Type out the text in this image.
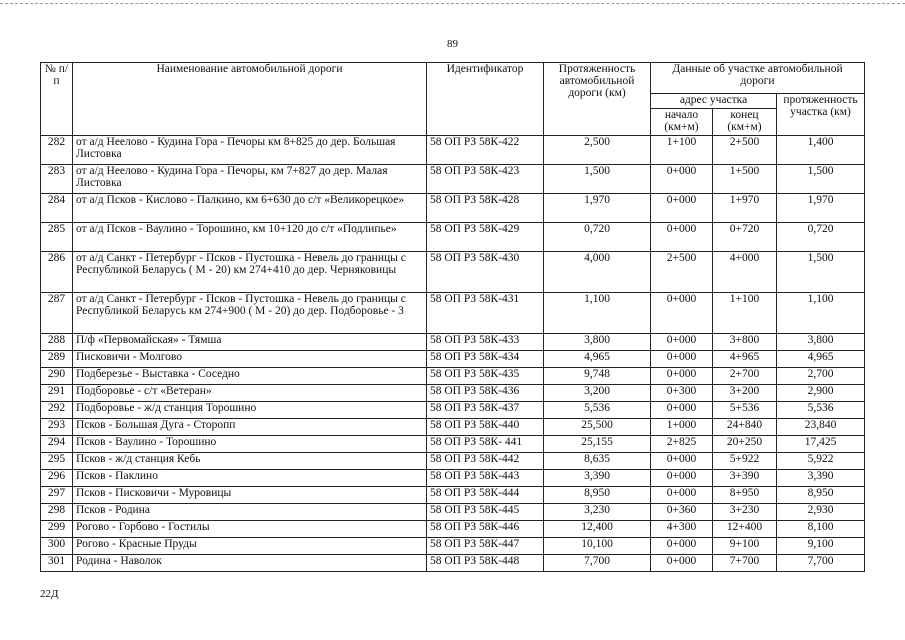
89
№ п/п	Наименование автомобильной дороги	Идентификатор	Протяженность автомобильной дороги (км)	Данные об участке автомобильной дороги		
				адрес участка		протяженность участка (км)
				начало (км+м)	конец (км+м)	
282	от а/д Неелово - Кудина Гора - Печоры км 8+825 до дер. Большая Листовка	58 ОП РЗ 58К-422	2,500	1+100	2+500	1,400
283	от а/д Неелово - Кудина Гора - Печоры, км 7+827 до дер. Малая Листовка	58 ОП РЗ 58К-423	1,500	0+000	1+500	1,500
284	от а/д Псков - Кислово - Палкино, км 6+630 до с/т «Великорецкое»	58 ОП РЗ 58К-428	1,970	0+000	1+970	1,970
285	от а/д Псков - Ваулино - Торошино, км 10+120 до с/т «Подлипье»	58 ОП РЗ 58К-429	0,720	0+000	0+720	0,720
286	от а/д Санкт - Петербург - Псков - Пустошка - Невель до границы с Республикой Беларусь ( М - 20) км 274+410 до дер. Черняковицы	58 ОП РЗ 58К-430	4,000	2+500	4+000	1,500
287	от а/д Санкт - Петербург - Псков - Пустошка - Невель до границы с Республикой Беларусь км 274+900 ( М - 20) до дер. Подборовье - 3	58 ОП РЗ 58К-431	1,100	0+000	1+100	1,100
288	П/ф «Первомайская» - Тямша	58 ОП РЗ 58К-433	3,800	0+000	3+800	3,800
289	Писковичи - Молгово	58 ОП РЗ 58К-434	4,965	0+000	4+965	4,965
290	Подберезье - Выставка - Соседно	58 ОП РЗ 58К-435	9,748	0+000	2+700	2,700
291	Подборовье - с/т «Ветеран»	58 ОП РЗ 58К-436	3,200	0+300	3+200	2,900
292	Подборовье - ж/д станция Торошино	58 ОП РЗ 58К-437	5,536	0+000	5+536	5,536
293	Псков - Большая Дуга - Сторопп	58 ОП РЗ 58К-440	25,500	1+000	24+840	23,840
294	Псков - Ваулино - Торошино	58 ОП РЗ 58К- 441	25,155	2+825	20+250	17,425
295	Псков - ж/д станция Кебь	58 ОП РЗ 58К-442	8,635	0+000	5+922	5,922
296	Псков - Паклино	58 ОП РЗ 58К-443	3,390	0+000	3+390	3,390
297	Псков - Писковичи - Муровицы	58 ОП РЗ 58К-444	8,950	0+000	8+950	8,950
298	Псков - Родина	58 ОП РЗ 58К-445	3,230	0+360	3+230	2,930
299	Рогово - Горбово - Гостилы	58 ОП РЗ 58К-446	12,400	4+300	12+400	8,100
300	Рогово - Красные Пруды	58 ОП РЗ 58К-447	10,100	0+000	9+100	9,100
301	Родина - Наволок	58 ОП РЗ 58К-448	7,700	0+000	7+700	7,700
22Д
